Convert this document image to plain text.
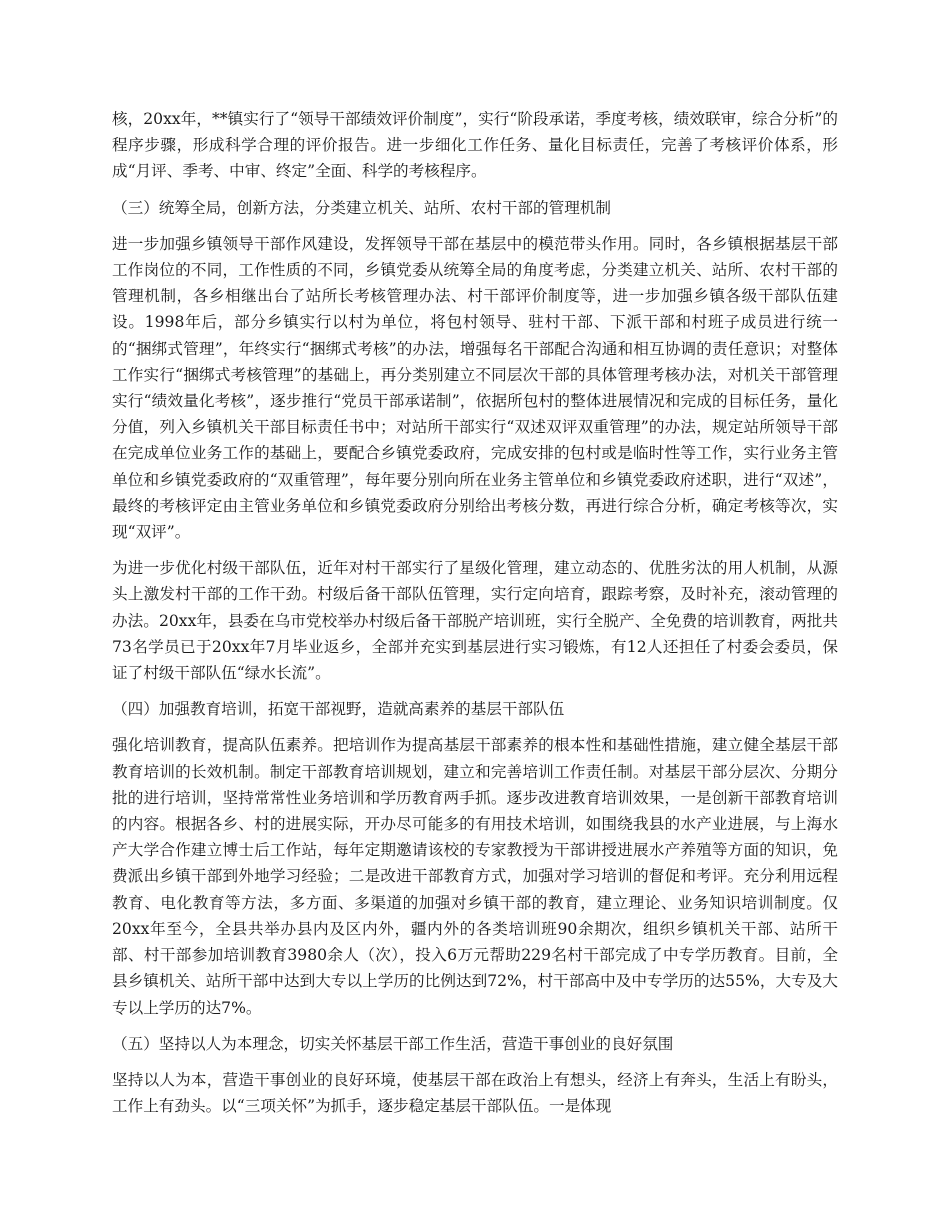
核，20xx年，**镇实行了“领导干部绩效评价制度”，实行“阶段承诺，季度考核，绩效联审，综合分析”的程序步骤，形成科学合理的评价报告。进一步细化工作任务、量化目标责任，完善了考核评价体系，形成“月评、季考、中审、终定”全面、科学的考核程序。

（三）统筹全局，创新方法，分类建立机关、站所、农村干部的管理机制

进一步加强乡镇领导干部作风建设，发挥领导干部在基层中的模范带头作用。同时，各乡镇根据基层干部工作岗位的不同，工作性质的不同，乡镇党委从统筹全局的角度考虑，分类建立机关、站所、农村干部的管理机制，各乡相继出台了站所长考核管理办法、村干部评价制度等，进一步加强乡镇各级干部队伍建设。1998年后，部分乡镇实行以村为单位，将包村领导、驻村干部、下派干部和村班子成员进行统一的“捆绑式管理”，年终实行“捆绑式考核”的办法，增强每名干部配合沟通和相互协调的责任意识；对整体工作实行“捆绑式考核管理”的基础上，再分类别建立不同层次干部的具体管理考核办法，对机关干部管理实行“绩效量化考核”，逐步推行“党员干部承诺制”，依据所包村的整体进展情况和完成的目标任务，量化分值，列入乡镇机关干部目标责任书中；对站所干部实行“双述双评双重管理”的办法，规定站所领导干部在完成单位业务工作的基础上，要配合乡镇党委政府，完成安排的包村或是临时性等工作，实行业务主管单位和乡镇党委政府的“双重管理”，每年要分别向所在业务主管单位和乡镇党委政府述职，进行“双述”，最终的考核评定由主管业务单位和乡镇党委政府分别给出考核分数，再进行综合分析，确定考核等次，实现“双评”。

为进一步优化村级干部队伍，近年对村干部实行了星级化管理，建立动态的、优胜劣汰的用人机制，从源头上激发村干部的工作干劲。村级后备干部队伍管理，实行定向培育，跟踪考察，及时补充，滚动管理的办法。20xx年，县委在乌市党校举办村级后备干部脱产培训班，实行全脱产、全免费的培训教育，两批共73名学员已于20xx年7月毕业返乡，全部并充实到基层进行实习锻炼，有12人还担任了村委会委员，保证了村级干部队伍“绿水长流”。

（四）加强教育培训，拓宽干部视野，造就高素养的基层干部队伍

强化培训教育，提高队伍素养。把培训作为提高基层干部素养的根本性和基础性措施，建立健全基层干部教育培训的长效机制。制定干部教育培训规划，建立和完善培训工作责任制。对基层干部分层次、分期分批的进行培训，坚持常常性业务培训和学历教育两手抓。逐步改进教育培训效果，一是创新干部教育培训的内容。根据各乡、村的进展实际，开办尽可能多的有用技术培训，如围绕我县的水产业进展，与上海水产大学合作建立博士后工作站，每年定期邀请该校的专家教授为干部讲授进展水产养殖等方面的知识，免费派出乡镇干部到外地学习经验；二是改进干部教育方式，加强对学习培训的督促和考评。充分利用远程教育、电化教育等方法，多方面、多渠道的加强对乡镇干部的教育，建立理论、业务知识培训制度。仅20xx年至今，全县共举办县内及区内外，疆内外的各类培训班90余期次，组织乡镇机关干部、站所干部、村干部参加培训教育3980余人（次），投入6万元帮助229名村干部完成了中专学历教育。目前，全县乡镇机关、站所干部中达到大专以上学历的比例达到72%，村干部高中及中专学历的达55%，大专及大专以上学历的达7%。

（五）坚持以人为本理念，切实关怀基层干部工作生活，营造干事创业的良好氛围

坚持以人为本，营造干事创业的良好环境，使基层干部在政治上有想头，经济上有奔头，生活上有盼头，工作上有劲头。以“三项关怀”为抓手，逐步稳定基层干部队伍。一是体现
